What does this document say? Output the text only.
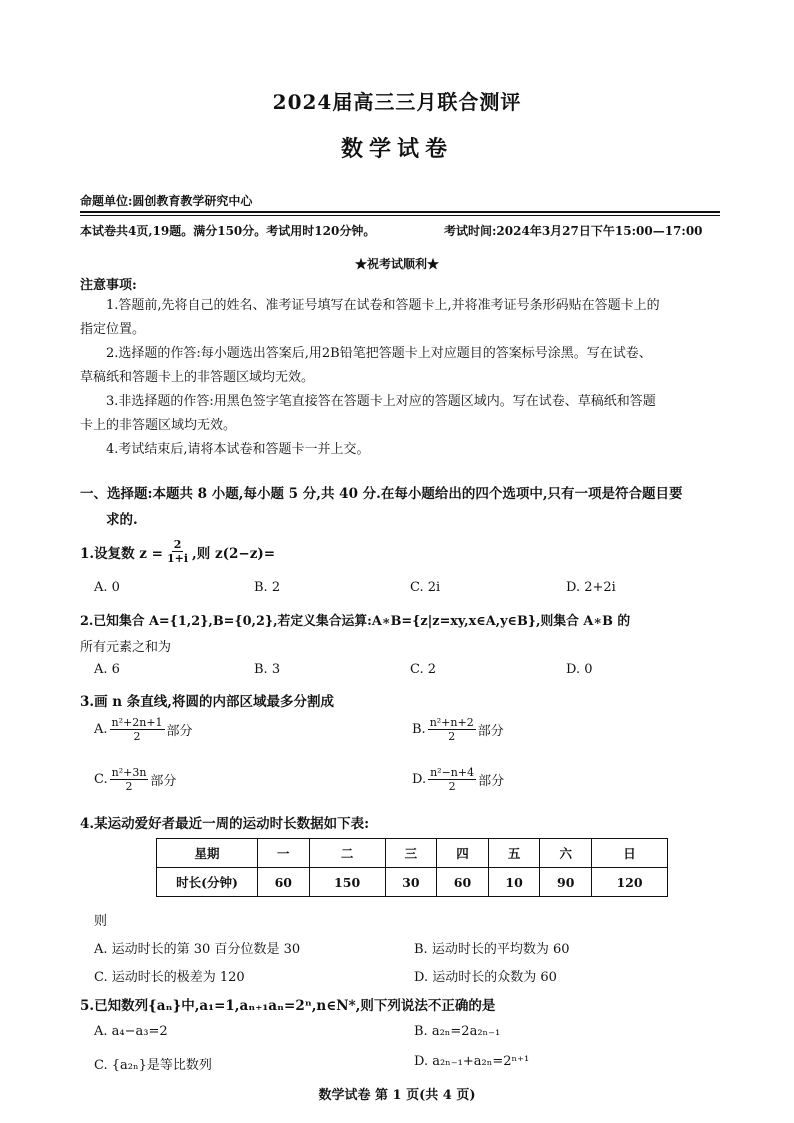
2024届高三三月联合测评
数学试卷
命题单位:圆创教育教学研究中心
本试卷共4页,19题。满分150分。考试用时120分钟。	考试时间:2024年3月27日下午15:00—17:00
★祝考试顺利★
注意事项:
1.答题前,先将自己的姓名、准考证号填写在试卷和答题卡上,并将准考证号条形码贴在答题卡上的
指定位置。
2.选择题的作答:每小题选出答案后,用2B铅笔把答题卡上对应题目的答案标号涂黑。写在试卷、
草稿纸和答题卡上的非答题区域均无效。
3.非选择题的作答:用黑色签字笔直接答在答题卡上对应的答题区域内。写在试卷、草稿纸和答题
卡上的非答题区域均无效。
4.考试结束后,请将本试卷和答题卡一并上交。
一、选择题:本题共 8 小题,每小题 5 分,共 40 分.在每小题给出的四个选项中,只有一项是符合题目要
求的.
1.设复数 $z = \frac{2}{1+i}$ ,则 z(2−z)=
A. 0	B. 2	C. 2i	D. 2+2i
2.已知集合 A={1,2},B={0,2},若定义集合运算:A∗B={z|z=xy,x∈A,y∈B},则集合 A∗B 的
所有元素之和为
A. 6	B. 3	C. 2	D. 0
3.画 n 条直线,将圆的内部区域最多分割成
A. $\frac{\text{n²+2n+1}}{2}$ 部分	B. $\frac{\text{n²+n+2}}{2}$ 部分
C. $\frac{\text{n²+3n}}{2}$ 部分	D. $\frac{\text{n²−n+4}}{2}$ 部分
4.某运动爱好者最近一周的运动时长数据如下表:
星期	一	二	三	四	五	六	日
时长(分钟)	60	150	30	60	10	90	120
则
A. 运动时长的第 30 百分位数是 30	B. 运动时长的平均数为 60
C. 运动时长的极差为 120	D. 运动时长的众数为 60
5.已知数列{aₙ}中,a₁=1,aₙ₊₁aₙ=2ⁿ,n∈N*,则下列说法不正确的是
A. a₄−a₃=2	B. a₂ₙ=2a₂ₙ₋₁
C. {a₂ₙ}是等比数列	D. a₂ₙ₋₁+a₂ₙ=2ⁿ⁺¹
数学试卷 第 1 页(共 4 页)
